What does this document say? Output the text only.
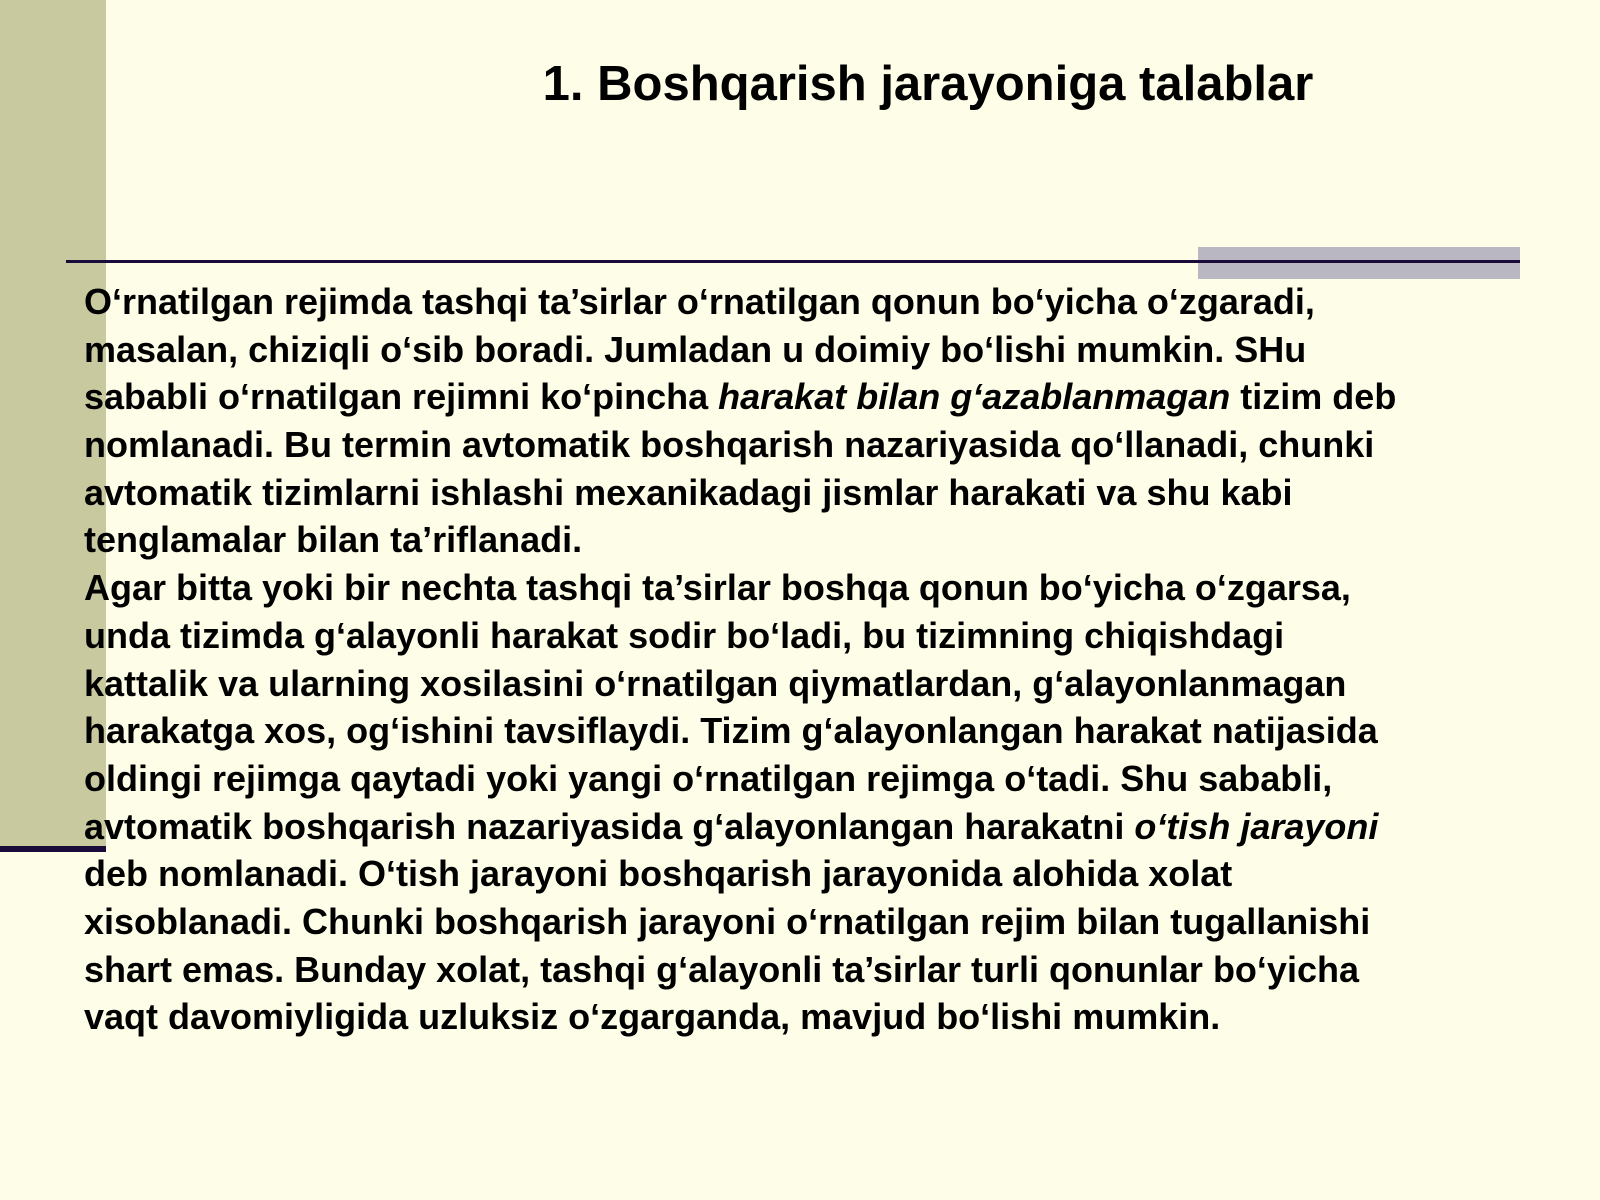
1. Boshqarish jarayoniga talablar
O‘rnatilgan rejimda tashqi ta’sirlar o‘rnatilgan qonun bo‘yicha o‘zgaradi,
masalan, chiziqli o‘sib boradi. Jumladan u doimiy bo‘lishi mumkin. SHu
sababli o‘rnatilgan rejimni ko‘pincha harakat bilan g‘azablanmagan tizim deb
nomlanadi. Bu termin avtomatik boshqarish nazariyasida qo‘llanadi, chunki
avtomatik tizimlarni ishlashi mexanikadagi jismlar harakati va shu kabi
tenglamalar bilan ta’riflanadi.
Agar bitta yoki bir nechta tashqi ta’sirlar boshqa qonun bo‘yicha o‘zgarsa,
unda tizimda g‘alayonli harakat sodir bo‘ladi, bu tizimning chiqishdagi
kattalik va ularning xosilasini o‘rnatilgan qiymatlardan, g‘alayonlanmagan
harakatga xos, og‘ishini tavsiflaydi. Tizim g‘alayonlangan harakat natijasida
oldingi rejimga qaytadi yoki yangi o‘rnatilgan rejimga o‘tadi. Shu sababli,
avtomatik boshqarish nazariyasida g‘alayonlangan harakatni o‘tish jarayoni
deb nomlanadi. O‘tish jarayoni boshqarish jarayonida alohida xolat
xisoblanadi. Chunki boshqarish jarayoni o‘rnatilgan rejim bilan tugallanishi
shart emas. Bunday xolat, tashqi g‘alayonli ta’sirlar turli qonunlar bo‘yicha
vaqt davomiyligida uzluksiz o‘zgarganda, mavjud bo‘lishi mumkin.
